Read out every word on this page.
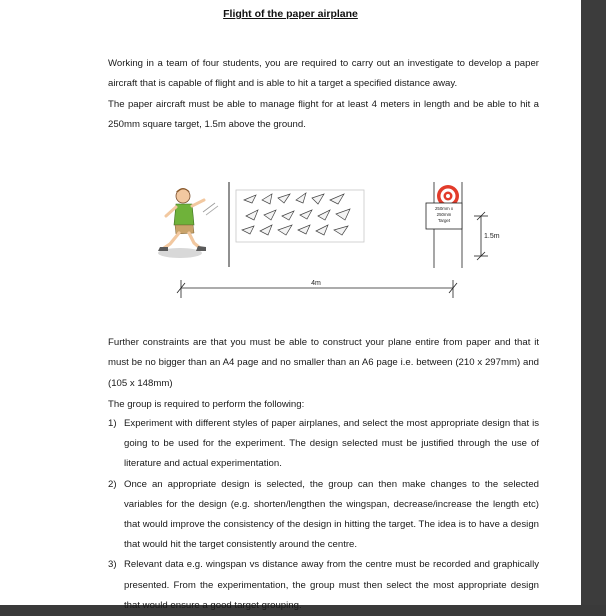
Flight of the paper airplane

Working in a team of four students, you are required to carry out an investigate to develop a paper aircraft that is capable of flight and is able to hit a target a specified distance away.

The paper aircraft must be able to manage flight for at least 4 meters in length and be able to hit a 250mm square target, 1.5m above the ground.

250mm x
250mm
Target
1.5m
4m

Further constraints are that you must be able to construct your plane entire from paper and that it must be no bigger than an A4 page and no smaller than an A6 page i.e. between (210 x 297mm) and (105 x 148mm)

The group is required to perform the following:

1) Experiment with different styles of paper airplanes, and select the most appropriate design that is going to be used for the experiment. The design selected must be justified through the use of literature and actual experimentation.
2) Once an appropriate design is selected, the group can then make changes to the selected variables for the design (e.g. shorten/lengthen the wingspan, decrease/increase the length etc) that would improve the consistency of the design in hitting the target. The idea is to have a design that would hit the target consistently around the centre.
3) Relevant data e.g. wingspan vs distance away from the centre must be recorded and graphically presented. From the experimentation, the group must then select the most appropriate design that would ensure a good target grouping.
